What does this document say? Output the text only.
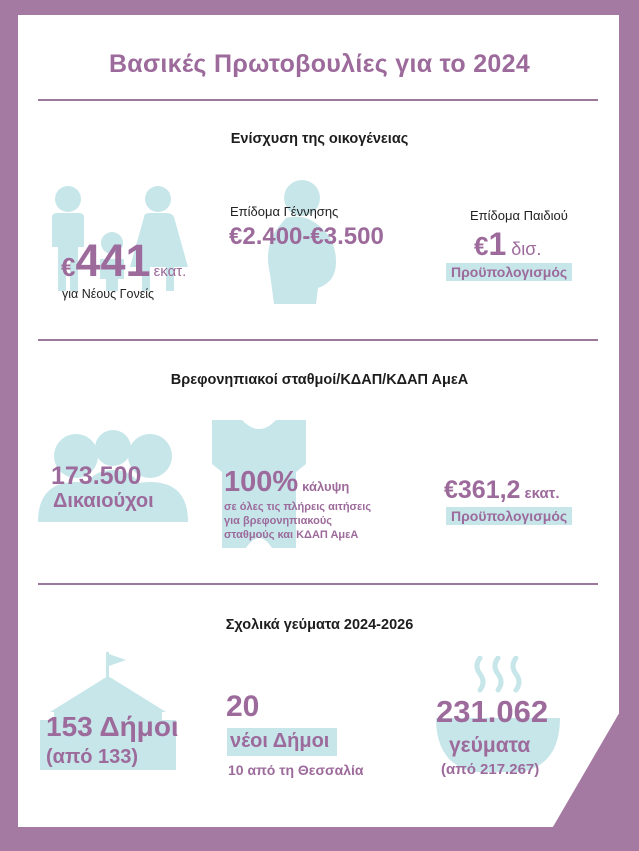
Βασικές Πρωτοβουλίες για το 2024
Ενίσχυση της οικογένειας
€441 εκατ.
για Νέους Γονείς
Επίδομα Γέννησης
€2.400-€3.500
Επίδομα Παιδιού
€1 δισ.
Προϋπολογισμός
Βρεφονηπιακοί σταθμοί/ΚΔΑΠ/ΚΔΑΠ ΑμεΑ
173.500
Δικαιούχοι
100% κάλυψη
σε όλες τις πλήρεις αιτήσεις
για βρεφονηπιακούς
σταθμούς και ΚΔΑΠ ΑμεΑ
€361,2 εκατ.
Προϋπολογισμός
Σχολικά γεύματα 2024-2026
153 Δήμοι
(από 133)
20
νέοι Δήμοι
10 από τη Θεσσαλία
231.062
γεύματα
(από 217.267)
